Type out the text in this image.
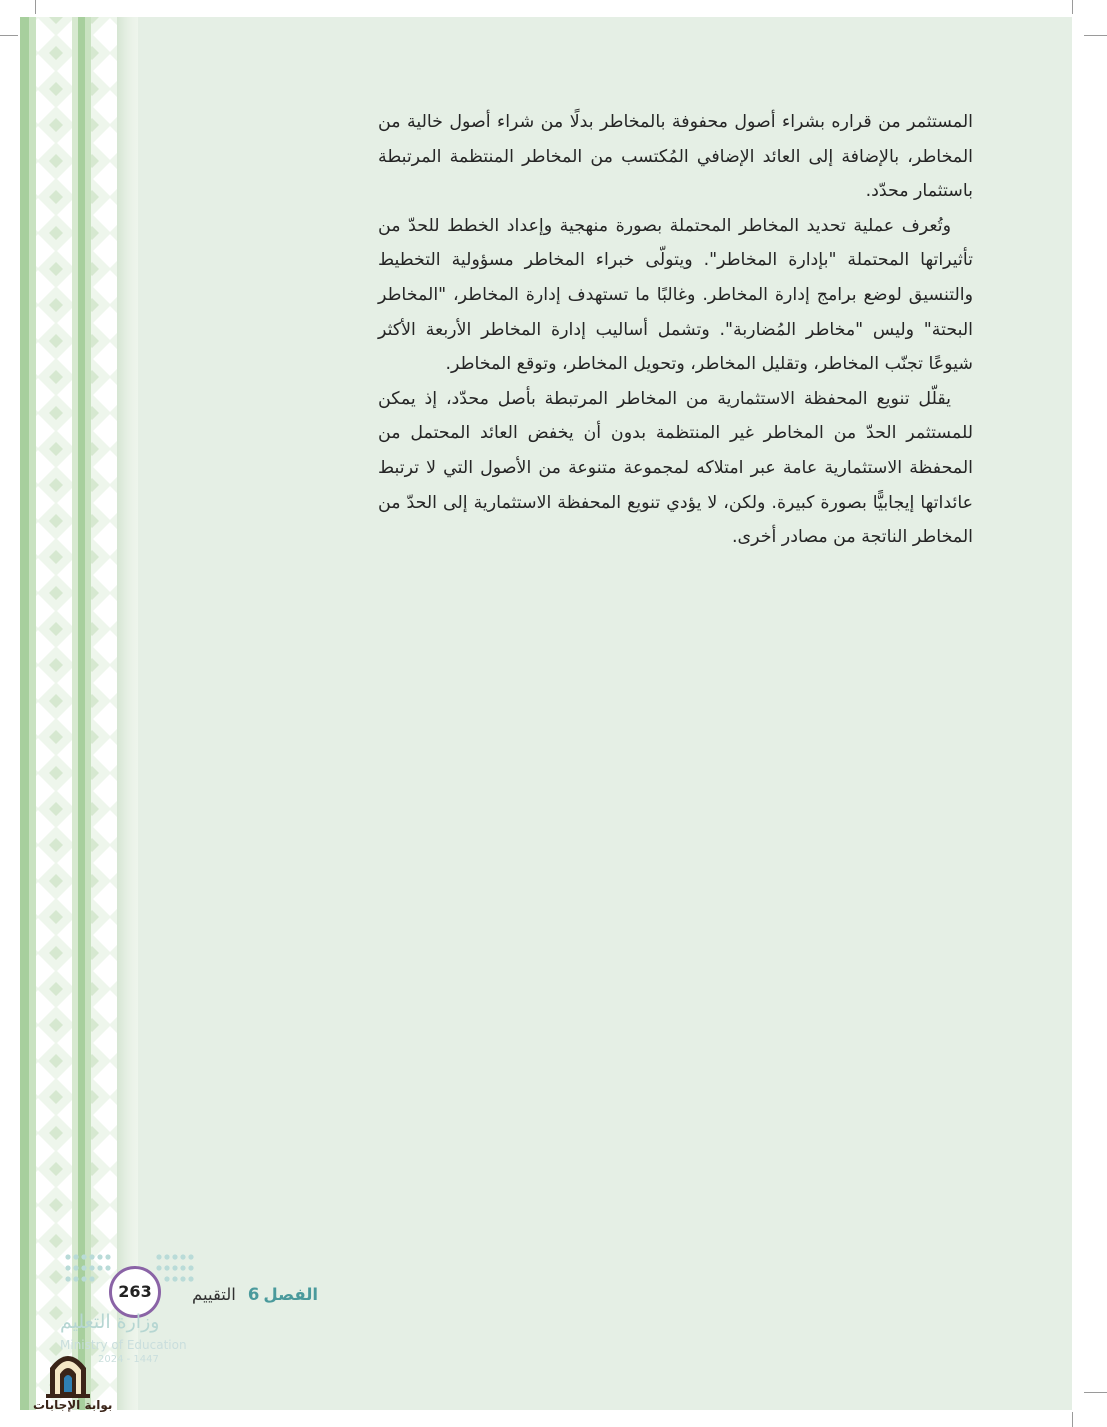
المستثمر من قراره بشراء أصول محفوفة بالمخاطر بدلًا من شراء أصول خالية من المخاطر، بالإضافة إلى العائد الإضافي المُكتسب من المخاطر المنتظمة المرتبطة باستثمار محدّد.

وتُعرف عملية تحديد المخاطر المحتملة بصورة منهجية وإعداد الخطط للحدّ من تأثيراتها المحتملة "بإدارة المخاطر". ويتولّى خبراء المخاطر مسؤولية التخطيط والتنسيق لوضع برامج إدارة المخاطر. وغالبًا ما تستهدف إدارة المخاطر، "المخاطر البحتة" وليس "مخاطر المُضاربة". وتشمل أساليب إدارة المخاطر الأربعة الأكثر شيوعًا تجنّب المخاطر، وتقليل المخاطر، وتحويل المخاطر، وتوقع المخاطر.

يقلّل تنويع المحفظة الاستثمارية من المخاطر المرتبطة بأصل محدّد، إذ يمكن للمستثمر الحدّ من المخاطر غير المنتظمة بدون أن يخفض العائد المحتمل من المحفظة الاستثمارية عامة عبر امتلاكه لمجموعة متنوعة من الأصول التي لا ترتبط عائداتها إيجابيًّا بصورة كبيرة. ولكن، لا يؤدي تنويع المحفظة الاستثمارية إلى الحدّ من المخاطر الناتجة من مصادر أخرى.

263	الفصل6التقييم
وزارة التعليم
Ministry of Education
2024 - 1447
بوابة الإجابات
